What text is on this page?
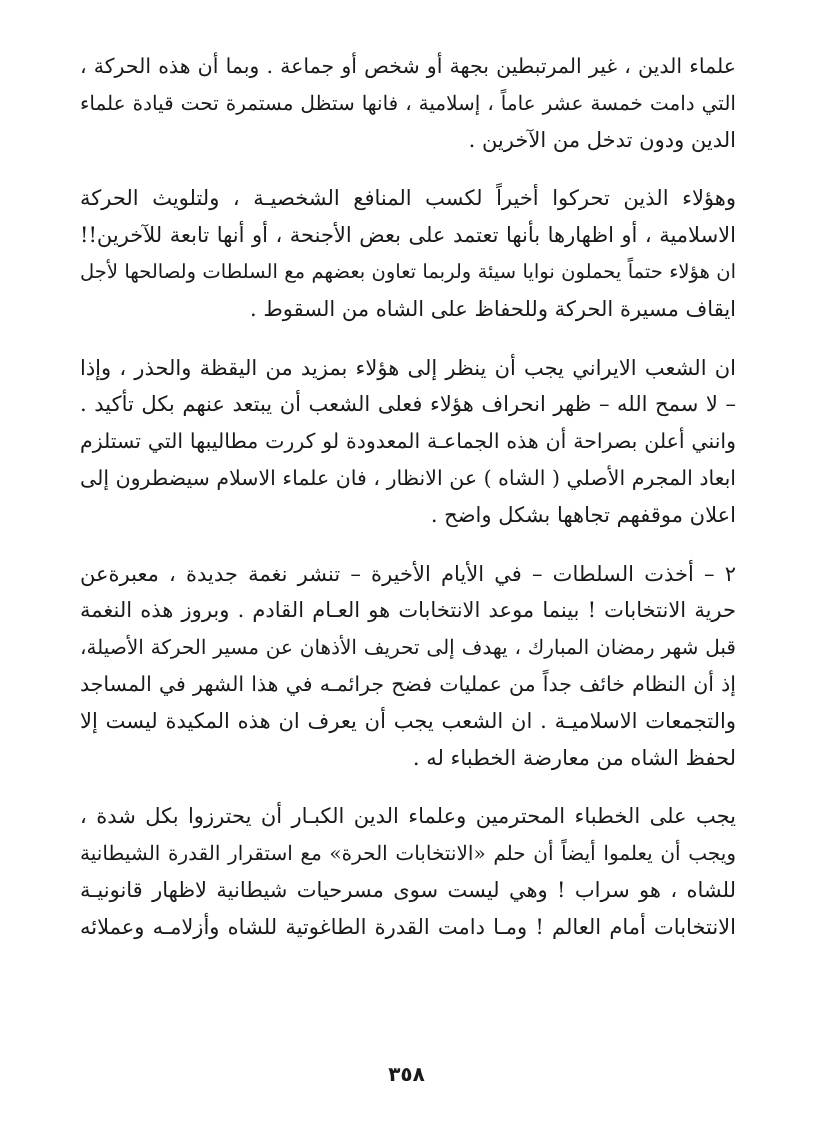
علماء الدين ، غير المرتبطين بجهة أو شخص أو جماعة . وبما أن هذه الحركة ،
التي دامت خمسة عشر عاماً ، إسلامية ، فانها ستظل مستمرة تحت قيادة علماء
الدين ودون تدخل من الآخرين .

وهؤلاء الذين تحركوا أخيراً لكسب المنافع الشخصيـة ، ولتلويث الحركة
الاسلامية ، أو اظهارها بأنها تعتمد على بعض الأجنحة ، أو أنها تابعة للآخرين!!
ان هؤلاء حتماً يحملون نوايا سيئة ولربما تعاون بعضهم مع السلطات ولصالحها لأجل
ايقاف مسيرة الحركة وللحفاظ على الشاه من السقوط .

ان الشعب الايراني يجب أن ينظر إلى هؤلاء بمزيد من اليقظة والحذر ، وإذا
– لا سمح الله – ظهر انحراف هؤلاء فعلى الشعب أن يبتعد عنهم بكل تأكيد .
وانني أعلن بصراحة أن هذه الجماعـة المعدودة لو كررت مطاليبها التي تستلزم
ابعاد المجرم الأصلي ( الشاه ) عن الانظار ، فان علماء الاسلام سيضطرون إلى
اعلان موقفهم تجاهها بشكل واضح .

٢ – أخذت السلطات – في الأيام الأخيرة – تنشر نغمة جديدة ، معبرةعن
حرية الانتخابات ! بينما موعد الانتخابات هو العـام القادم . وبروز هذه النغمة
قبل شهر رمضان المبارك ، يهدف إلى تحريف الأذهان عن مسير الحركة الأصيلة،
إذ أن النظام خائف جداً من عمليات فضح جرائمـه في هذا الشهر في المساجد
والتجمعات الاسلاميـة . ان الشعب يجب أن يعرف ان هذه المكيدة ليست إلا
لحفظ الشاه من معارضة الخطباء له .

يجب على الخطباء المحترمين وعلماء الدين الكبـار أن يحترزوا بكل شدة ،
ويجب أن يعلموا أيضاً أن حلم «الانتخابات الحرة» مع استقرار القدرة الشيطانية
للشاه ، هو سراب ! وهي ليست سوى مسرحيات شيطانية لاظهار قانونيـة
الانتخابات أمام العالم ! ومـا دامت القدرة الطاغوتية للشاه وأزلامـه وعملائه

٣٥٨
